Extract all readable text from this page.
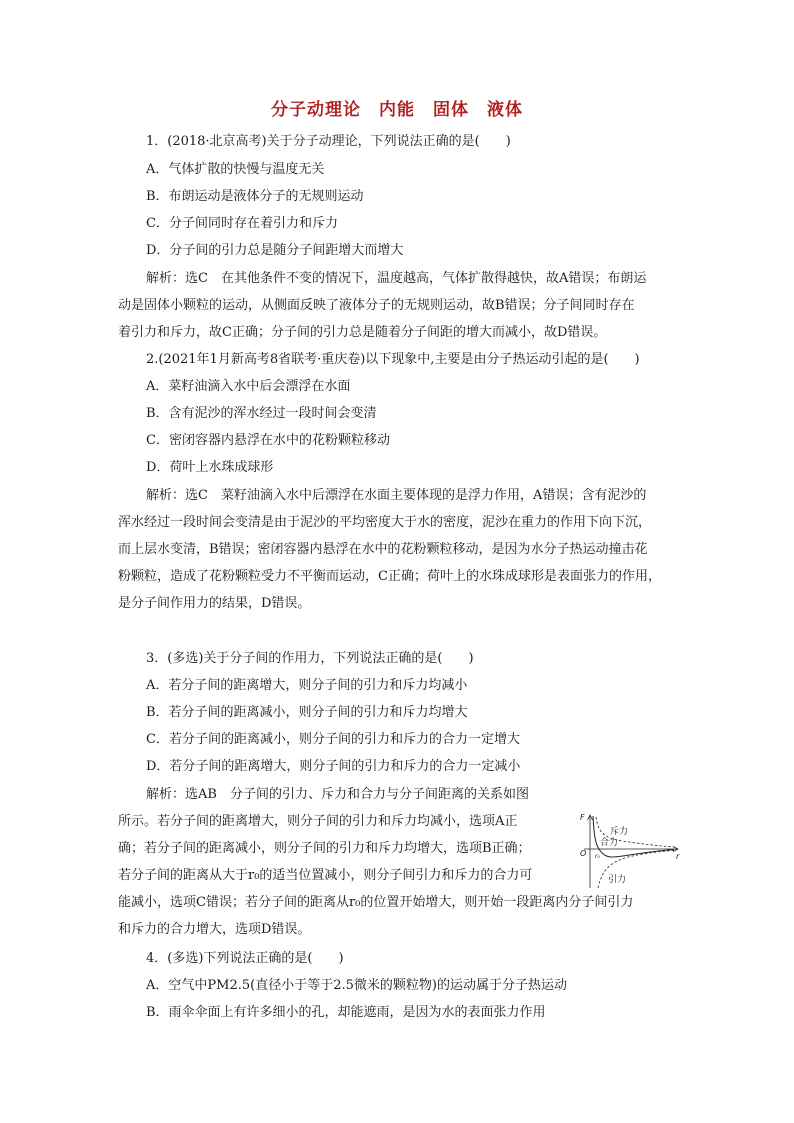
分子动理论　内能　固体　液体
1．(2018·北京高考)关于分子动理论，下列说法正确的是(　　)
A．气体扩散的快慢与温度无关
B．布朗运动是液体分子的无规则运动
C．分子间同时存在着引力和斥力
D．分子间的引力总是随分子间距增大而增大
解析：选C　在其他条件不变的情况下，温度越高，气体扩散得越快，故A错误；布朗运
动是固体小颗粒的运动，从侧面反映了液体分子的无规则运动，故B错误；分子间同时存在
着引力和斥力，故C正确；分子间的引力总是随着分子间距的增大而减小，故D错误。
2.(2021年1月新高考8省联考·重庆卷)以下现象中,主要是由分子热运动引起的是(　　)
A．菜籽油滴入水中后会漂浮在水面
B．含有泥沙的浑水经过一段时间会变清
C．密闭容器内悬浮在水中的花粉颗粒移动
D．荷叶上水珠成球形
解析：选C　菜籽油滴入水中后漂浮在水面主要体现的是浮力作用，A错误；含有泥沙的
浑水经过一段时间会变清是由于泥沙的平均密度大于水的密度，泥沙在重力的作用下向下沉，
而上层水变清，B错误；密闭容器内悬浮在水中的花粉颗粒移动，是因为水分子热运动撞击花
粉颗粒，造成了花粉颗粒受力不平衡而运动，C正确；荷叶上的水珠成球形是表面张力的作用，
是分子间作用力的结果，D错误。
3．(多选)关于分子间的作用力，下列说法正确的是(　　)
A．若分子间的距离增大，则分子间的引力和斥力均减小
B．若分子间的距离减小，则分子间的引力和斥力均增大
C．若分子间的距离减小，则分子间的引力和斥力的合力一定增大
D．若分子间的距离增大，则分子间的引力和斥力的合力一定减小
解析：选AB　分子间的引力、斥力和合力与分子间距离的关系如图
所示。若分子间的距离增大，则分子间的引力和斥力均减小，选项A正
确；若分子间的距离减小，则分子间的引力和斥力均增大，选项B正确；
若分子间的距离从大于r₀的适当位置减小，则分子间引力和斥力的合力可
能减小，选项C错误；若分子间的距离从r₀的位置开始增大，则开始一段距离内分子间引力
和斥力的合力增大，选项D错误。
F
r
O r₀
斥力
合力
引力
4．(多选)下列说法正确的是(　　)
A．空气中PM2.5(直径小于等于2.5微米的颗粒物)的运动属于分子热运动
B．雨伞伞面上有许多细小的孔，却能遮雨，是因为水的表面张力作用
